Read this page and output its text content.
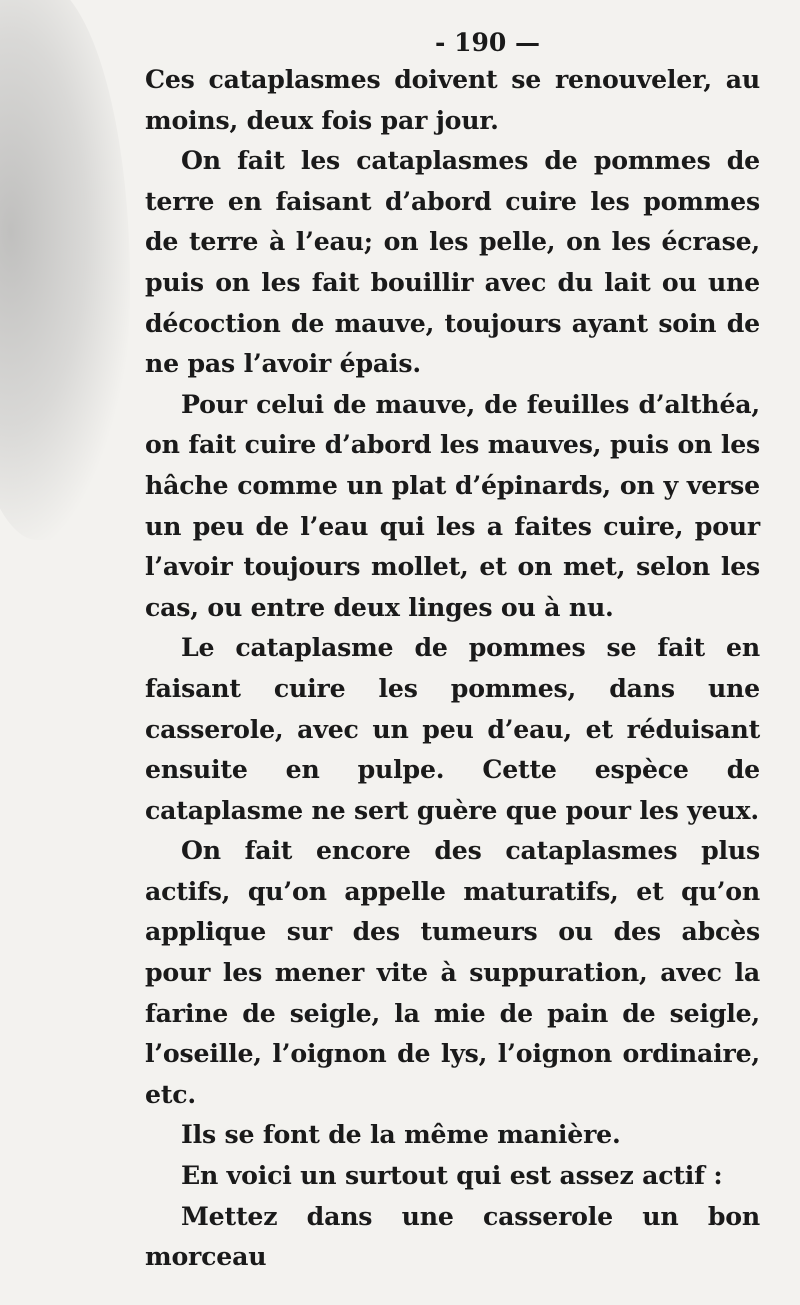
- 190 —

Ces cataplasmes doivent se renouveler, au moins, deux fois par jour.

On fait les cataplasmes de pommes de terre en faisant d’abord cuire les pommes de terre à l’eau; on les pelle, on les écrase, puis on les fait bouillir avec du lait ou une décoction de mauve, toujours ayant soin de ne pas l’avoir épais.

Pour celui de mauve, de feuilles d’althéa, on fait cuire d’abord les mauves, puis on les hâche comme un plat d’épinards, on y verse un peu de l’eau qui les a faites cuire, pour l’avoir toujours mollet, et on met, selon les cas, ou entre deux linges ou à nu.

Le cataplasme de pommes se fait en faisant cuire les pommes, dans une casserole, avec un peu d’eau, et réduisant ensuite en pulpe. Cette espèce de cataplasme ne sert guère que pour les yeux.

On fait encore des cataplasmes plus actifs, qu’on appelle maturatifs, et qu’on applique sur des tumeurs ou des abcès pour les mener vite à suppuration, avec la farine de seigle, la mie de pain de seigle, l’oseille, l’oignon de lys, l’oignon ordinaire, etc.

Ils se font de la même manière.

En voici un surtout qui est assez actif :

Mettez dans une casserole un bon morceau
